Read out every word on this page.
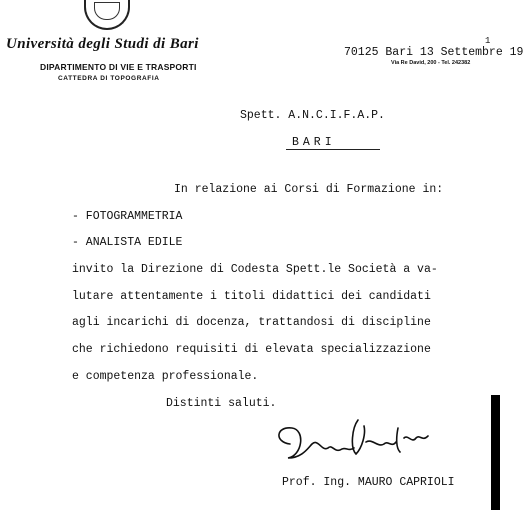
Università degli Studi di Bari
DIPARTIMENTO DI VIE E TRASPORTI
CATTEDRA DI TOPOGRAFIA
1
70125 Bari 13 Settembre 19
Via Re David, 200 - Tel. 242382
Spett. A.N.C.I.F.A.P.
BARI
In relazione ai Corsi di Formazione in:
- FOTOGRAMMETRIA
- ANALISTA EDILE
invito la Direzione di Codesta Spett.le Società a va-
lutare attentamente i titoli didattici dei candidati
agli incarichi di docenza, trattandosi di discipline
che richiedono requisiti di elevata specializzazione
e competenza professionale.
Distinti saluti.
Prof. Ing. MAURO CAPRIOLI
